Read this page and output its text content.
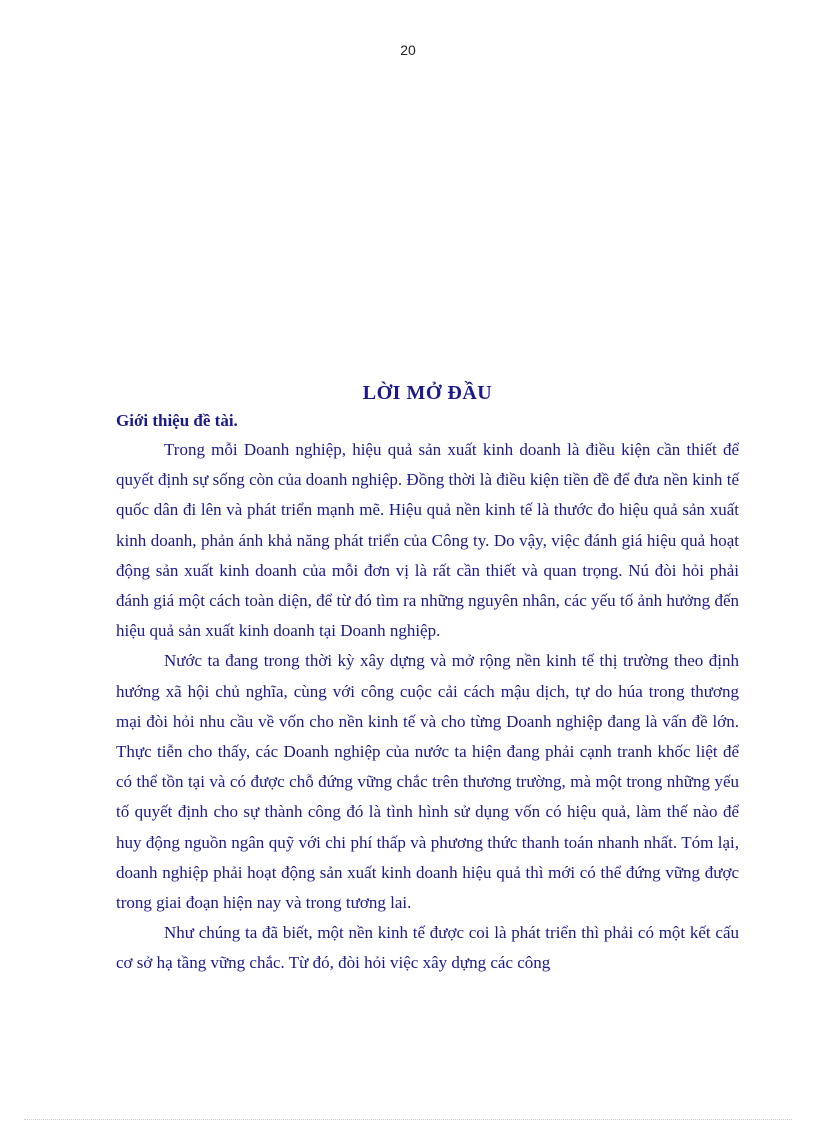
20
LỜI MỞ ĐẦU
Giới thiệu đề tài.

Trong mỗi Doanh nghiệp, hiệu quả sản xuất kinh doanh là điều kiện cần thiết để quyết định sự sống còn của doanh nghiệp. Đồng thời là điều kiện tiền đề để đưa nền kinh tế quốc dân đi lên và phát triển mạnh mẽ. Hiệu quả nền kinh tế là thước đo hiệu quả sản xuất kinh doanh, phản ánh khả năng phát triển của Công ty. Do vậy, việc đánh giá hiệu quả hoạt động sản xuất kinh doanh của mỗi đơn vị là rất cần thiết và quan trọng. Nú đòi hỏi phải đánh giá một cách toàn diện, để từ đó tìm ra những nguyên nhân, các yếu tố ảnh hưởng đến hiệu quả sản xuất kinh doanh tại Doanh nghiệp.

Nước ta đang trong thời kỳ xây dựng và mở rộng nền kinh tế thị trường theo định hướng xã hội chủ nghĩa, cùng với công cuộc cải cách mậu dịch, tự do húa trong thương mại đòi hỏi nhu cầu về vốn cho nền kinh tế và cho từng Doanh nghiệp đang là vấn đề lớn. Thực tiễn cho thấy, các Doanh nghiệp của nước ta hiện đang phải cạnh tranh khốc liệt để có thể tồn tại và có được chỗ đứng vững chắc trên thương trường, mà một trong những yếu tố quyết định cho sự thành công đó là tình hình sử dụng vốn có hiệu quả, làm thế nào để huy động nguồn ngân quỹ với chi phí thấp và phương thức thanh toán nhanh nhất. Tóm lại, doanh nghiệp phải hoạt động sản xuất kinh doanh hiệu quả thì mới có thể đứng vững được trong giai đoạn hiện nay và trong tương lai.

Như chúng ta đã biết, một nền kinh tế được coi là phát triển thì phải có một kết cấu cơ sở hạ tầng vững chắc. Từ đó, đòi hỏi việc xây dựng các công
